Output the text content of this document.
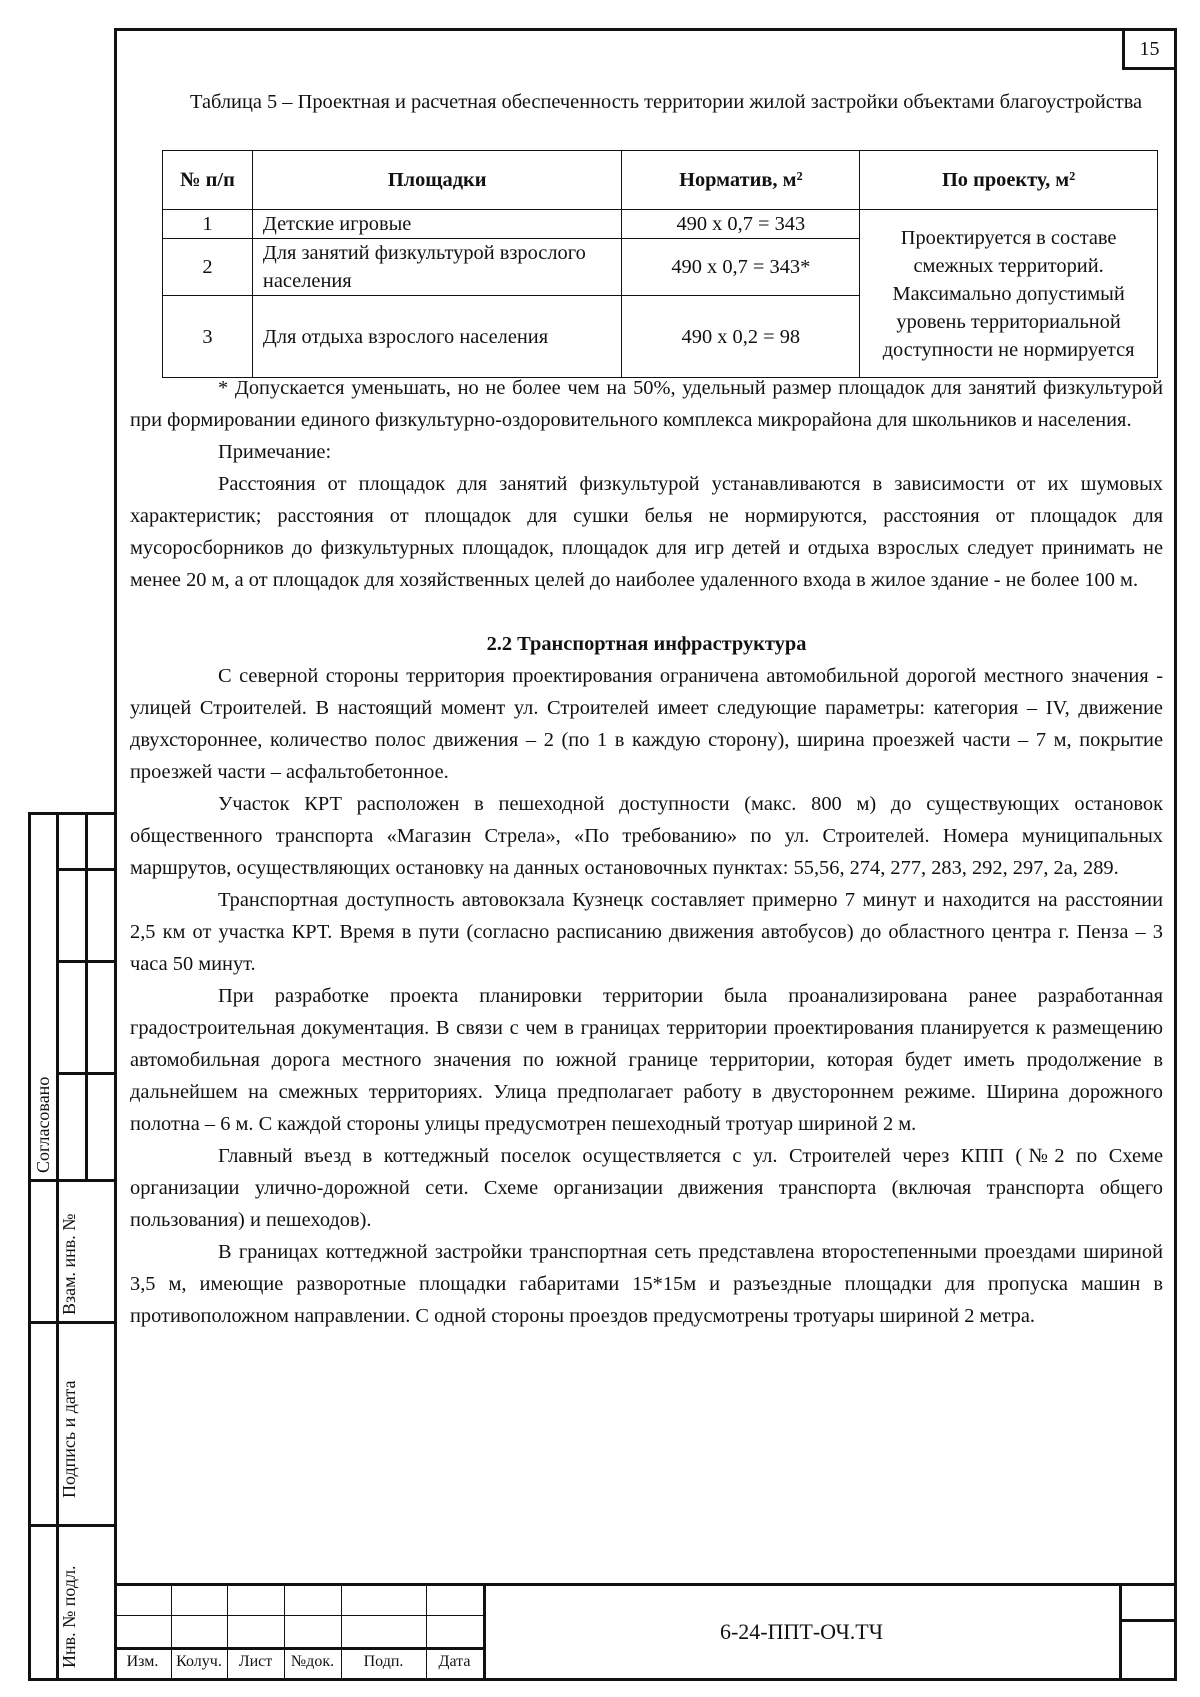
15

Таблица 5 – Проектная и расчетная обеспеченность территории жилой застройки объектами благоустройства

№ п/п	Площадки	Норматив, м²	По проекту, м²
1	Детские игровые	490 х 0,7 = 343	Проектируется в составе смежных территорий. Максимально допустимый уровень территориальной доступности не нормируется
2	Для занятий физкультурой взрослого населения	490 х 0,7 = 343*	
3	Для отдыха взрослого населения	490 х 0,2 = 98	

* Допускается уменьшать, но не более чем на 50%, удельный размер площадок для занятий физкультурой при формировании единого физкультурно-оздоровительного комплекса микрорайона для школьников и населения.

Примечание:

Расстояния от площадок для занятий физкультурой устанавливаются в зависимости от их шумовых характеристик; расстояния от площадок для сушки белья не нормируются, расстояния от площадок для мусоросборников до физкультурных площадок, площадок для игр детей и отдыха взрослых следует принимать не менее 20 м, а от площадок для хозяйственных целей до наиболее удаленного входа в жилое здание - не более 100 м.

2.2 Транспортная инфраструктура

С северной стороны территория проектирования ограничена автомобильной дорогой местного значения - улицей Строителей. В настоящий момент ул. Строителей имеет следующие параметры: категория – IV, движение двухстороннее, количество полос движения – 2 (по 1 в каждую сторону), ширина проезжей части – 7 м, покрытие проезжей части – асфальтобетонное.

Участок КРТ расположен в пешеходной доступности (макс. 800 м) до существующих остановок общественного транспорта «Магазин Стрела», «По требованию» по ул. Строителей. Номера муниципальных маршрутов, осуществляющих остановку на данных остановочных пунктах: 55,56, 274, 277, 283, 292, 297, 2а, 289.

Транспортная доступность автовокзала Кузнецк составляет примерно 7 минут и находится на расстоянии 2,5 км от участка КРТ. Время в пути (согласно расписанию движения автобусов) до областного центра г. Пенза – 3 часа 50 минут.

При разработке проекта планировки территории была проанализирована ранее разработанная градостроительная документация. В связи с чем в границах территории проектирования планируется к размещению автомобильная дорога местного значения по южной границе территории, которая будет иметь продолжение в дальнейшем на смежных территориях. Улица предполагает работу в двустороннем режиме. Ширина дорожного полотна – 6 м. С каждой стороны улицы предусмотрен пешеходный тротуар шириной 2 м.

Главный въезд в коттеджный поселок осуществляется с ул. Строителей через КПП (№2 по Схеме организации улично-дорожной сети. Схеме организации движения транспорта (включая транспорта общего пользования) и пешеходов).

В границах коттеджной застройки транспортная сеть представлена второстепенными проездами шириной 3,5 м, имеющие разворотные площадки габаритами 15*15м и разъездные площадки для пропуска машин в противоположном направлении. С одной стороны проездов предусмотрены тротуары шириной 2 метра.

Согласовано
Взам. инв. №
Подпись и дата
Инв. № подл.	Изм.	Колуч.	Лист	№док.	Подп.	Дата
6-24-ППТ-ОЧ.ТЧ
